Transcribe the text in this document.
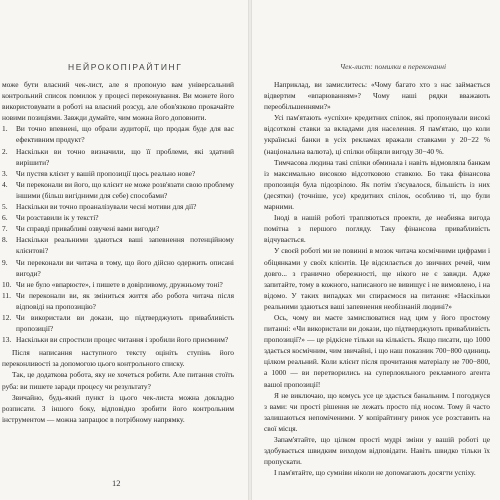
НЕЙРОКОПІРАЙТИНГ

може бути власний чек-лист, але я пропоную вам універсальний контрольний список помилок у процесі переконування. Ви можете його використовувати в роботі на власний розсуд, але обов'язково прокачайте новими позиціями. Завжди думайте, чим можна його доповнити.

1. Ви точно впевнені, що обрали аудиторії, що продаж буде для вас ефективним продукт?
2. Наскільки ви точно визначили, що її проблеми, які здатний вирішити?
3. Чи пустяв клієнт у вашій пропозиції щось реально нове?
4. Чи переконали ви його, що клієнт не може розв'язати свою проблему іншими (більш вигідними для себе) способами?
5. Наскільки ви точно проаналізували чесні мотиви для дії?
6. Чи розставили ік у тексті?
7. Чи справді привабливі озвучені вами вигоди?
8. Наскільки реальними здаються ваші запевнення потенційному клієнтові?
9. Чи переконали ви читача в тому, що його дійсно одержить описані вигоди?
10. Чи не було «впарюєте», і пишете в довірливому, дружньому тоні?
11. Чи переконали ви, як зміниться життя або робота читача після відповіді на пропозицію?
12. Чи використали ви докази, що підтверджують привабливість пропозиції?
13. Наскільки ви спростили процес читання і зробили його приємним?

Після написання наступного тексту оцініть ступінь його переконливості за допомогою цього контрольного списку.

Так, це додаткова робота, яку не хочеться робити. Але питання стоїть руба: ви пишете заради процесу чи результату?

Звичайно, будь-який пункт із цього чек-листа можна докладно розписати. З іншого боку, відповідно зробити його контрольним інструментом — можна запрацює в потрібному напрямку.

12
Чек-лист: помилки в переконанні

Наприклад, ви замислитесь: «Чому багато хто з нас займається відвертим «впарюванням»? Чому наші рядки вважають переобільшеннями?»

Усі пам'ятають «успіхи» кредитних спілок, які пропонували високі відсоткові ставки за вкладами для населення. Я пам'ятаю, що коли українські банки в усіх рекламах вражали ставками у 20−22 % (національна валюта), ці спілки обіцяли вигоду 30−40 %.

Тимчасова людина такі спілки обминала і навіть відмовляла банкам із максимально високою відсотковою ставкою. Бо така фінансова пропозиція була підозрілою. Як потім з'ясувалося, більшість із них (десятки) (точніше, усе) кредитних спілок, особливо ті, що були марними.

Іноді в нашій роботі трапляються проекти, де неабияка вигода помітна з першого погляду. Таку фінансова привабливість відчувається.

У своєй роботі ми не повинні в мозок читача космічними цифрами і обіцянками у своїх клієнтів. Це відсилається до звичних речей, чим довго... з гранично обережності, ще нікого не є завжди. Адже запитайте, тому в кожного, написаного не вивищує і не вимовлено, і на відомо. У таких випадках ми спираємося на питання: «Наскільки реальними здаються ваші запевнення необізнаній людині?»

Ось, чому ви маєте замислюватися над цим у його простому питанні: «Чи використали ви докази, що підтверджують привабливість пропозиції?» — це рідкісне тільки на кількість. Якщо писати, що 1000 здається космічним, чим звичайні, і що наш показник 700−800 одиниць цілком реальний. Коли клієнт після прочитання матеріалу не 700−800, а 1000 — ви перетворились на суперлояльного рекламного агента вашої пропозиції!

Я не виключаю, що комусь усе це здасться банальним. І погоджуся з вами: чи прості рішення не лежать просто під носом. Тому й часто залишаються непоміченими. У копірайтингу ринок усе розставить на свої місця.

Запам'ятайте, що цілком прості мудрі зміни у вашій роботі це здобувається швидким виходом відповідати. Навіть швидко тільки їх пропускати.

І пам'ятайте, що сумніви ніколи не допомагають досягти успіху.
